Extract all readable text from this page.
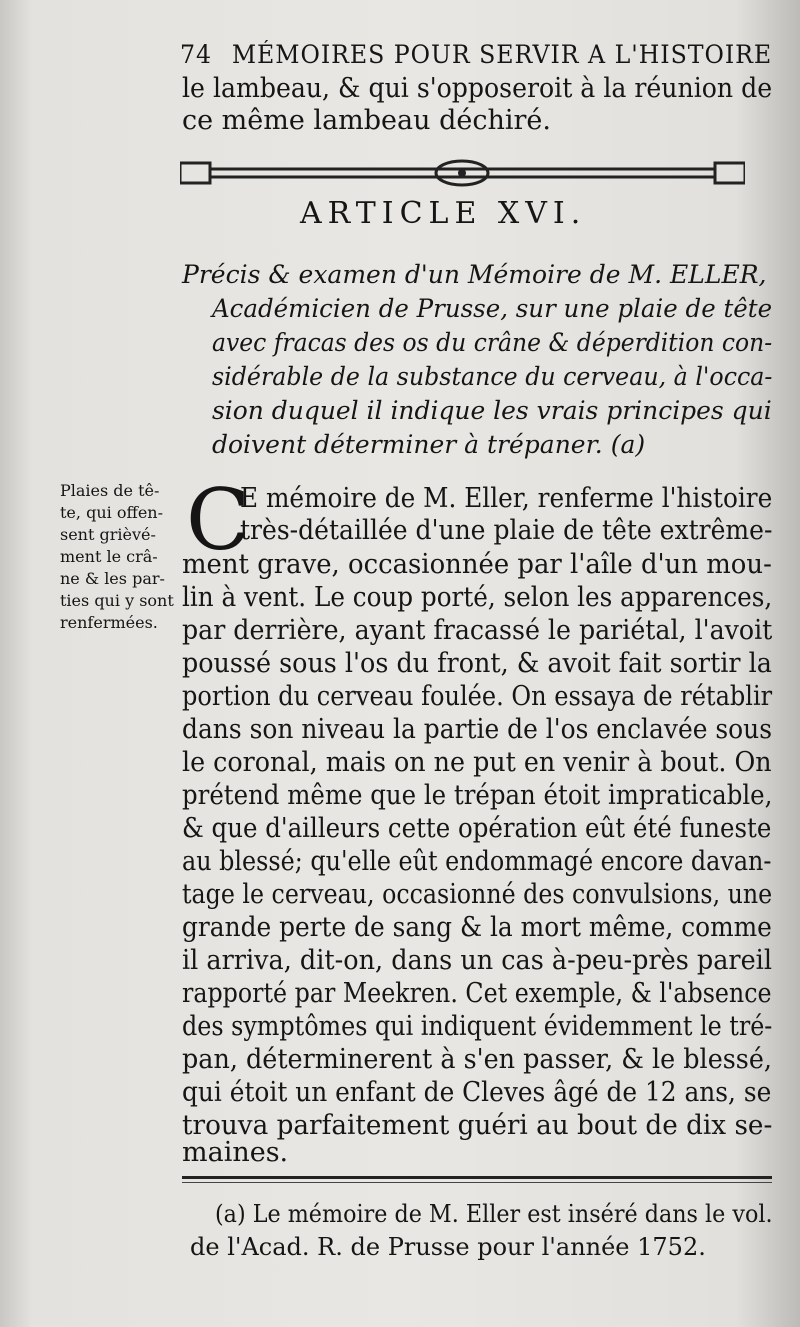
74 MÉMOIRES POUR SERVIR A L'HISTOIRE
le lambeau, & qui s'opposeroit à la réunion de
ce même lambeau déchiré.
ARTICLE XVI.
Précis & examen d'un Mémoire de M. ELLER,
Académicien de Prusse, sur une plaie de tête
avec fracas des os du crâne & déperdition con-
sidérable de la substance du cerveau, à l'occa-
sion duquel il indique les vrais principes qui
doivent déterminer à trépaner. (a)
Plaies de tê-
te, qui offen-
sent grièvé-
ment le crâ-
ne & les par-
ties qui y sont
renfermées.
C
E mémoire de M. Eller, renferme l'histoire
très-détaillée d'une plaie de tête extrême-
ment grave, occasionnée par l'aîle d'un mou-
lin à vent. Le coup porté, selon les apparences,
par derrière, ayant fracassé le pariétal, l'avoit
poussé sous l'os du front, & avoit fait sortir la
portion du cerveau foulée. On essaya de rétablir
dans son niveau la partie de l'os enclavée sous
le coronal, mais on ne put en venir à bout. On
prétend même que le trépan étoit impraticable,
& que d'ailleurs cette opération eût été funeste
au blessé; qu'elle eût endommagé encore davan-
tage le cerveau, occasionné des convulsions, une
grande perte de sang & la mort même, comme
il arriva, dit-on, dans un cas à-peu-près pareil
rapporté par Meekren. Cet exemple, & l'absence
des symptômes qui indiquent évidemment le tré-
pan, déterminerent à s'en passer, & le blessé,
qui étoit un enfant de Cleves âgé de 12 ans, se
trouva parfaitement guéri au bout de dix se-
maines.
(a) Le mémoire de M. Eller est inséré dans le vol.
de l'Acad. R. de Prusse pour l'année 1752.
